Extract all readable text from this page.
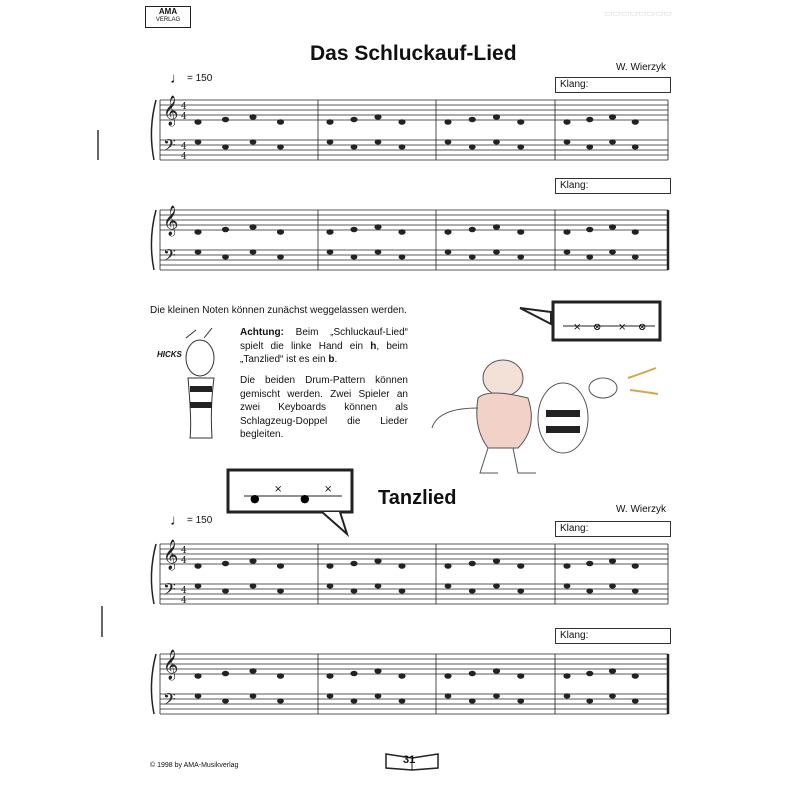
AMA
VERLAG
▭▭▭▭▭▭▭▭
Das Schluckauf-Lied
W. Wierzyk
♩ = 150
Klang:
Klang:
𝄞
𝄢
4
4
4
4
𝄞
𝄢
𝄞
𝄢
4
4
4
4
𝄞
𝄢
× ⊗ × ⊗
HICKS
Die kleinen Noten können zunächst weggelassen werden.
Achtung: Beim „Schluckauf-Lied“ spielt die linke Hand ein h, beim „Tanzlied“ ist es ein b.
Die beiden Drum-Pattern können gemischt werden. Zwei Spieler an zwei Keyboards können als Schlagzeug-Doppel die Lieder begleiten.
●
×
●
× Tanzlied
W. Wierzyk
♩ = 150
Klang:
Klang:
© 1998 by AMA-Musikverlag	31
